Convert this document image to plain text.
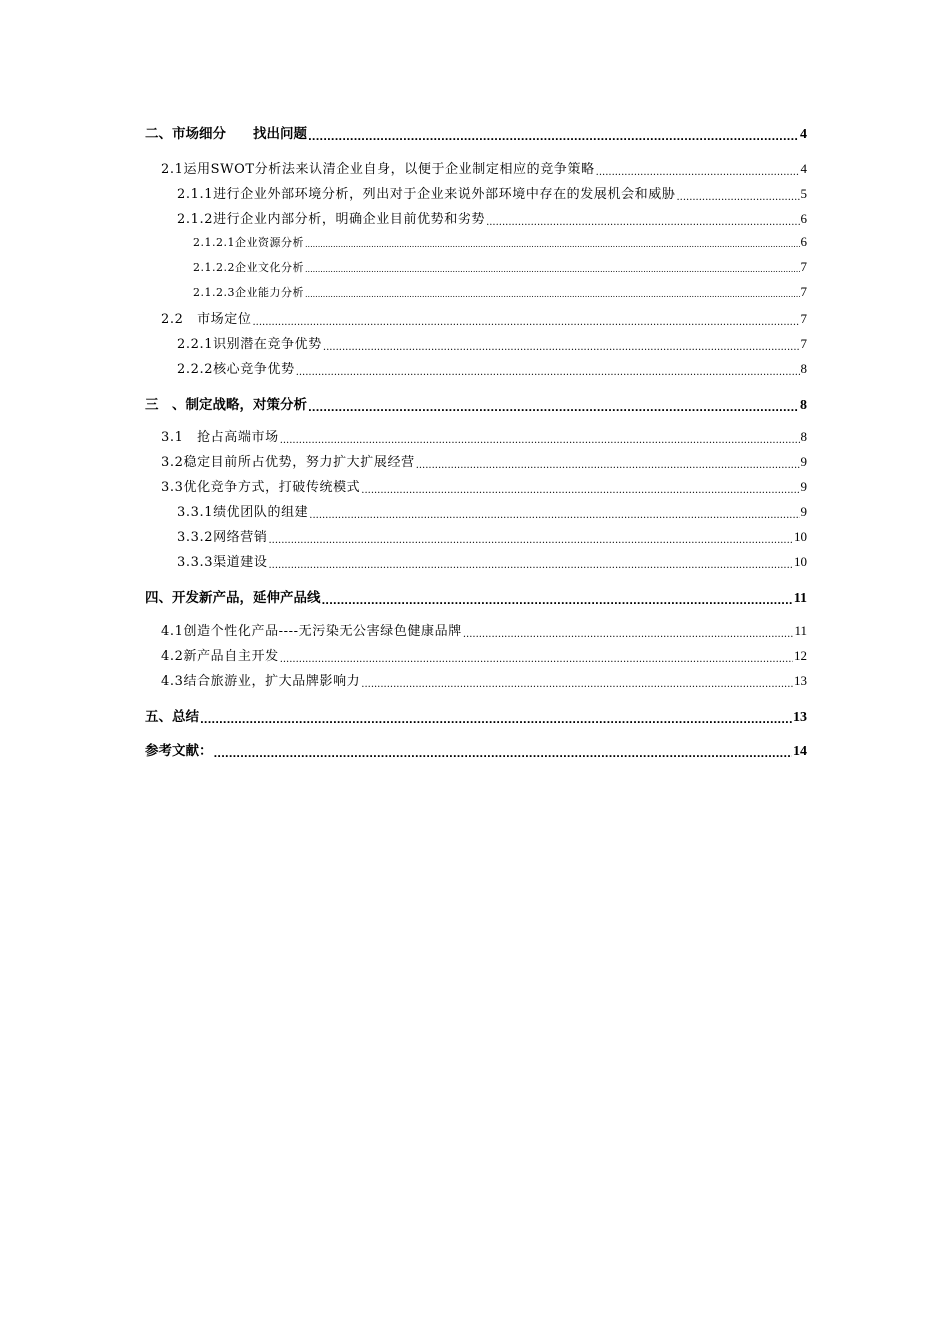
二、市场细分　　找出问题 .....	4
2.1运用SWOT分析法来认清企业自身，以便于企业制定相应的竞争策略 .....	4
2.1.1进行企业外部环境分析，列出对于企业来说外部环境中存在的发展机会和威胁 .....	5
2.1.2进行企业内部分析，明确企业目前优势和劣势 .....	6
2.1.2.1企业资源分析 .....	6
2.1.2.2企业文化分析 .....	7
2.1.2.3企业能力分析 .....	7
2.2　市场定位 .....	7
2.2.1识别潜在竞争优势 .....	7
2.2.2核心竞争优势 .....	8
三　、制定战略，对策分析 .....	8
3.1　抢占高端市场 .....	8
3.2稳定目前所占优势，努力扩大扩展经营 .....	9
3.3优化竞争方式，打破传统模式 .....	9
3.3.1绩优团队的组建 .....	9
3.3.2网络营销 .....	10
3.3.3渠道建设 .....	10
四、开发新产品，延伸产品线 .....	11
4.1创造个性化产品----无污染无公害绿色健康品牌 .....	11
4.2新产品自主开发 .....	12
4.3结合旅游业，扩大品牌影响力 .....	13
五、总结 .....	13
参考文献： .....	14
